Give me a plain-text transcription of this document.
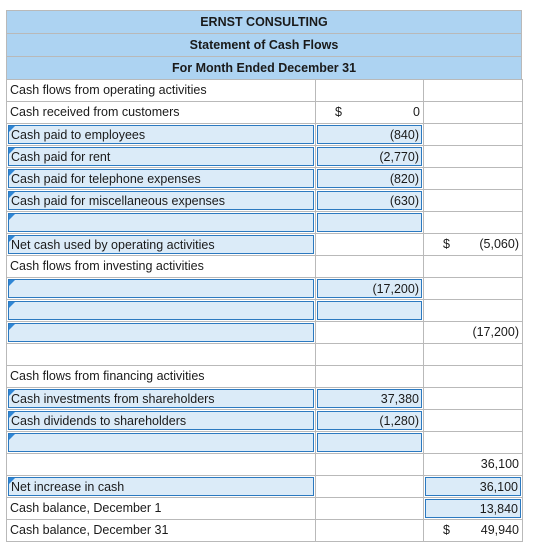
ERNST CONSULTING
Statement of Cash Flows
For Month Ended December 31
Cash flows from operating activities		

Cash received from customers	$ 0	

Cash paid to employees	(840)	

Cash paid for rent	(2,770)	

Cash paid for telephone expenses	(820)	

Cash paid for miscellaneous expenses	(630)	

Net cash used by operating activities		$ (5,060)

Cash flows from investing activities		

	(17,200)	

		(17,200)

Cash flows from financing activities		

Cash investments from shareholders	37,380	

Cash dividends to shareholders	(1,280)	

		36,100

Net increase in cash		36,100

Cash balance, December 1		13,840

Cash balance, December 31		$ 49,940
